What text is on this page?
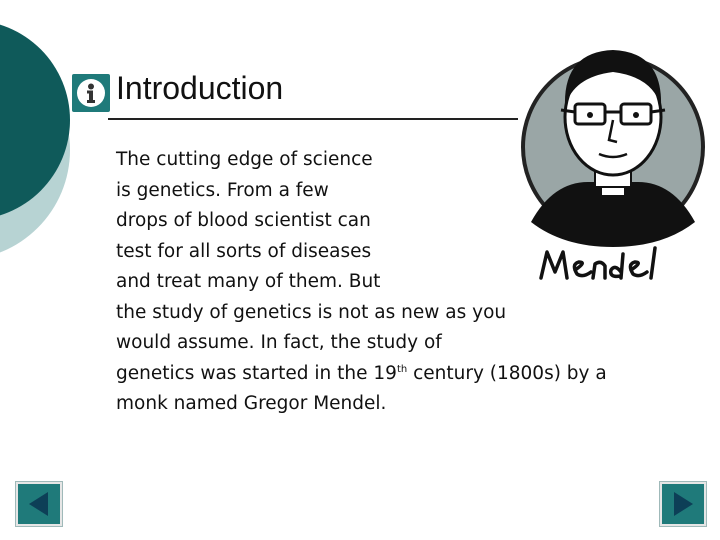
Introduction
The cutting edge of science
is genetics. From a few
drops of blood scientist can
test for all sorts of diseases
and treat many of them. But
the study of genetics is not as new as you
would assume. In fact, the study of
genetics was started in the 19th century (1800s) by a
monk named Gregor Mendel.
